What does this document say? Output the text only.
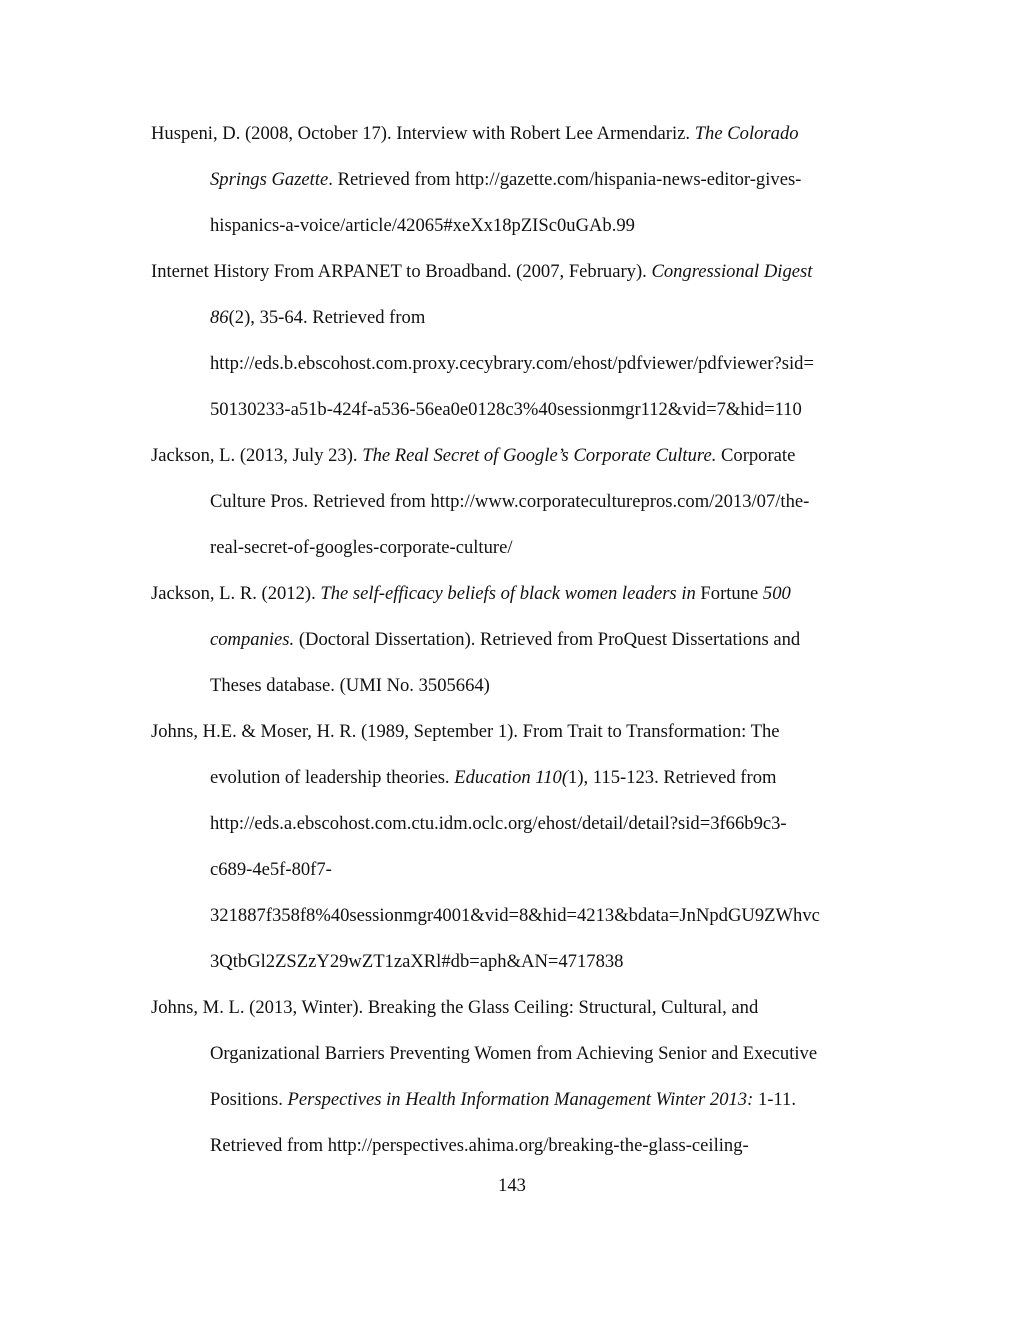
Huspeni, D. (2008, October 17). Interview with Robert Lee Armendariz. The Colorado
Springs Gazette. Retrieved from http://gazette.com/hispania-news-editor-gives-
hispanics-a-voice/article/42065#xeXx18pZISc0uGAb.99
Internet History From ARPANET to Broadband. (2007, February). Congressional Digest
86(2), 35-64. Retrieved from
http://eds.b.ebscohost.com.proxy.cecybrary.com/ehost/pdfviewer/pdfviewer?sid=
50130233-a51b-424f-a536-56ea0e0128c3%40sessionmgr112&vid=7&hid=110
Jackson, L. (2013, July 23). The Real Secret of Google’s Corporate Culture. Corporate
Culture Pros. Retrieved from http://www.corporateculturepros.com/2013/07/the-
real-secret-of-googles-corporate-culture/
Jackson, L. R. (2012). The self-efficacy beliefs of black women leaders in Fortune 500
companies. (Doctoral Dissertation). Retrieved from ProQuest Dissertations and
Theses database. (UMI No. 3505664)
Johns, H.E. & Moser, H. R. (1989, September 1). From Trait to Transformation: The
evolution of leadership theories. Education 110(1), 115-123. Retrieved from
http://eds.a.ebscohost.com.ctu.idm.oclc.org/ehost/detail/detail?sid=3f66b9c3-
c689-4e5f-80f7-
321887f358f8%40sessionmgr4001&vid=8&hid=4213&bdata=JnNpdGU9ZWhvc
3QtbGl2ZSZzY29wZT1zaXRl#db=aph&AN=4717838
Johns, M. L. (2013, Winter). Breaking the Glass Ceiling: Structural, Cultural, and
Organizational Barriers Preventing Women from Achieving Senior and Executive
Positions. Perspectives in Health Information Management Winter 2013: 1-11.
Retrieved from http://perspectives.ahima.org/breaking-the-glass-ceiling-
143
